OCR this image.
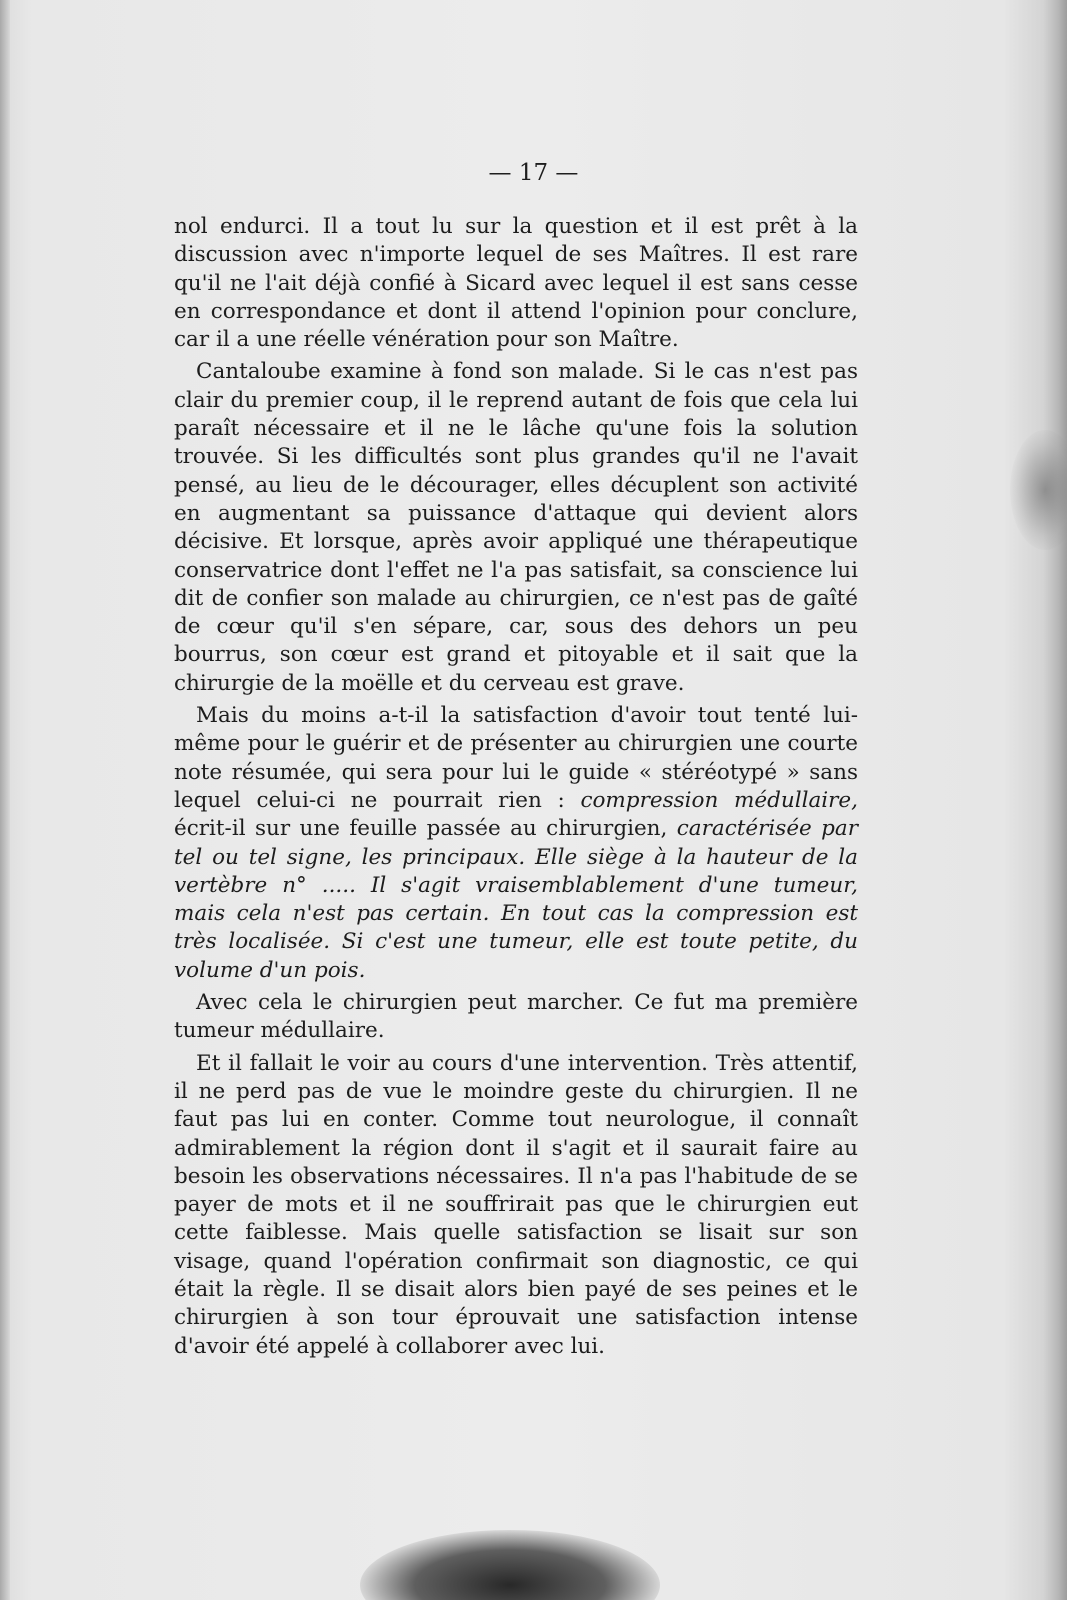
— 17 —

nol endurci. Il a tout lu sur la question et il est prêt à la discussion avec n'importe lequel de ses Maîtres. Il est rare qu'il ne l'ait déjà confié à Sicard avec lequel il est sans cesse en correspondance et dont il attend l'opinion pour conclure, car il a une réelle vénération pour son Maître.

Cantaloube examine à fond son malade. Si le cas n'est pas clair du premier coup, il le reprend autant de fois que cela lui paraît nécessaire et il ne le lâche qu'une fois la solution trouvée. Si les difficultés sont plus grandes qu'il ne l'avait pensé, au lieu de le décourager, elles décuplent son activité en augmentant sa puissance d'attaque qui devient alors décisive. Et lorsque, après avoir appliqué une thérapeutique conservatrice dont l'effet ne l'a pas satisfait, sa conscience lui dit de confier son malade au chirurgien, ce n'est pas de gaîté de cœur qu'il s'en sépare, car, sous des dehors un peu bourrus, son cœur est grand et pitoyable et il sait que la chirurgie de la moëlle et du cerveau est grave.

Mais du moins a-t-il la satisfaction d'avoir tout tenté lui-même pour le guérir et de présenter au chirurgien une courte note résumée, qui sera pour lui le guide « stéréotypé » sans lequel celui-ci ne pourrait rien : compression médullaire, écrit-il sur une feuille passée au chirurgien, caractérisée par tel ou tel signe, les principaux. Elle siège à la hauteur de la vertèbre n° ..... Il s'agit vraisemblablement d'une tumeur, mais cela n'est pas certain. En tout cas la compression est très localisée. Si c'est une tumeur, elle est toute petite, du volume d'un pois.

Avec cela le chirurgien peut marcher. Ce fut ma première tumeur médullaire.

Et il fallait le voir au cours d'une intervention. Très attentif, il ne perd pas de vue le moindre geste du chirurgien. Il ne faut pas lui en conter. Comme tout neurologue, il connaît admirablement la région dont il s'agit et il saurait faire au besoin les observations nécessaires. Il n'a pas l'habitude de se payer de mots et il ne souffrirait pas que le chirurgien eut cette faiblesse. Mais quelle satisfaction se lisait sur son visage, quand l'opération confirmait son diagnostic, ce qui était la règle. Il se disait alors bien payé de ses peines et le chirurgien à son tour éprouvait une satisfaction intense d'avoir été appelé à collaborer avec lui.
